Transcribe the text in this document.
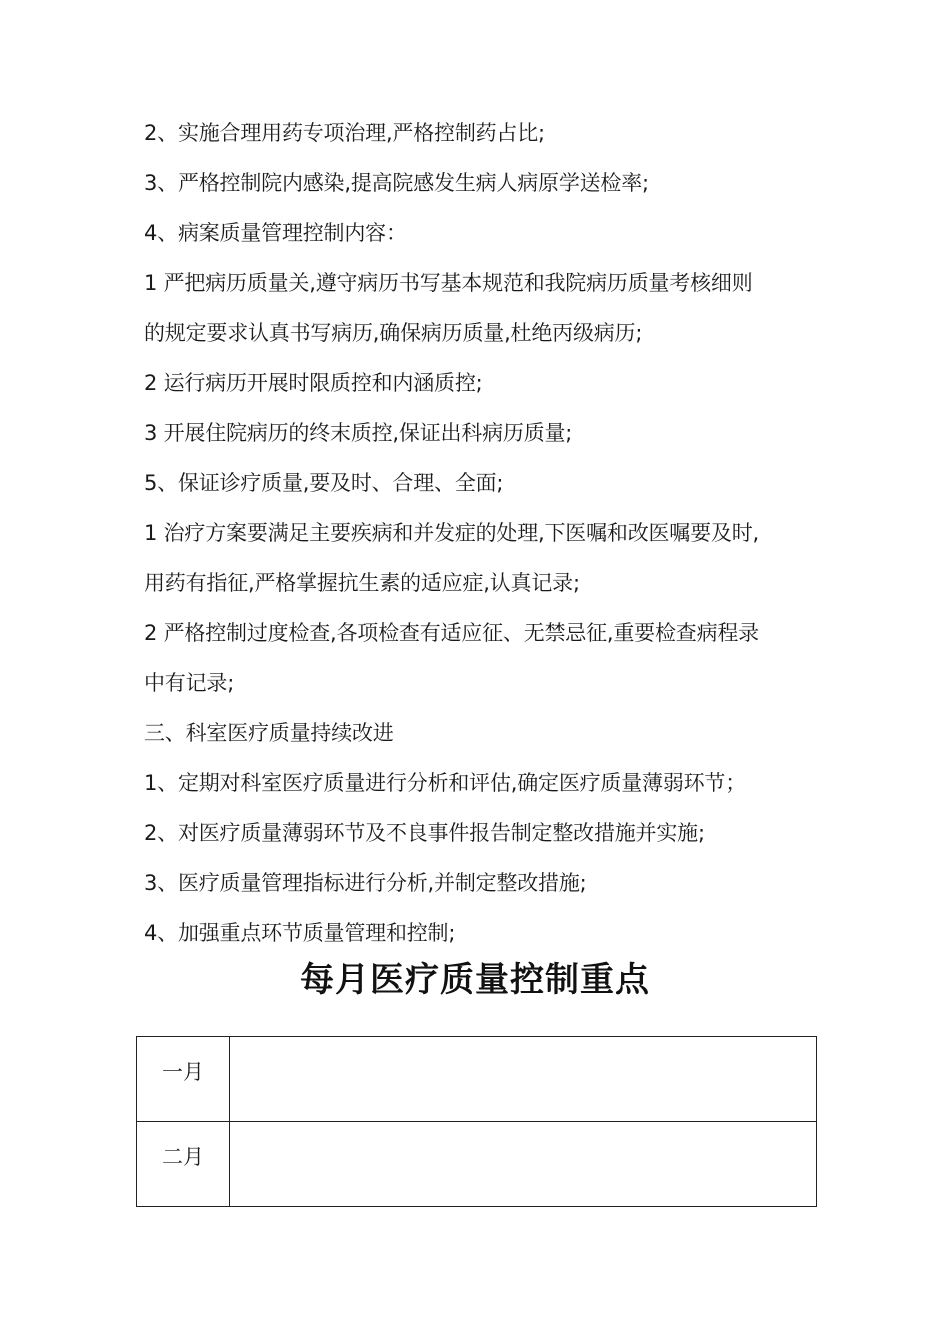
2、实施合理用药专项治理,严格控制药占比;
3、严格控制院内感染,提高院感发生病人病原学送检率;
4、病案质量管理控制内容：
1 严把病历质量关,遵守病历书写基本规范和我院病历质量考核细则
的规定要求认真书写病历,确保病历质量,杜绝丙级病历;
2 运行病历开展时限质控和内涵质控;
3 开展住院病历的终末质控,保证出科病历质量;
5、保证诊疗质量,要及时、合理、全面;
1 治疗方案要满足主要疾病和并发症的处理,下医嘱和改医嘱要及时,
用药有指征,严格掌握抗生素的适应症,认真记录;
2 严格控制过度检查,各项检查有适应征、无禁忌征,重要检查病程录
中有记录;
三、科室医疗质量持续改进
1、定期对科室医疗质量进行分析和评估,确定医疗质量薄弱环节；
2、对医疗质量薄弱环节及不良事件报告制定整改措施并实施;
3、医疗质量管理指标进行分析,并制定整改措施;
4、加强重点环节质量管理和控制;
每月医疗质量控制重点
一月	
二月	
